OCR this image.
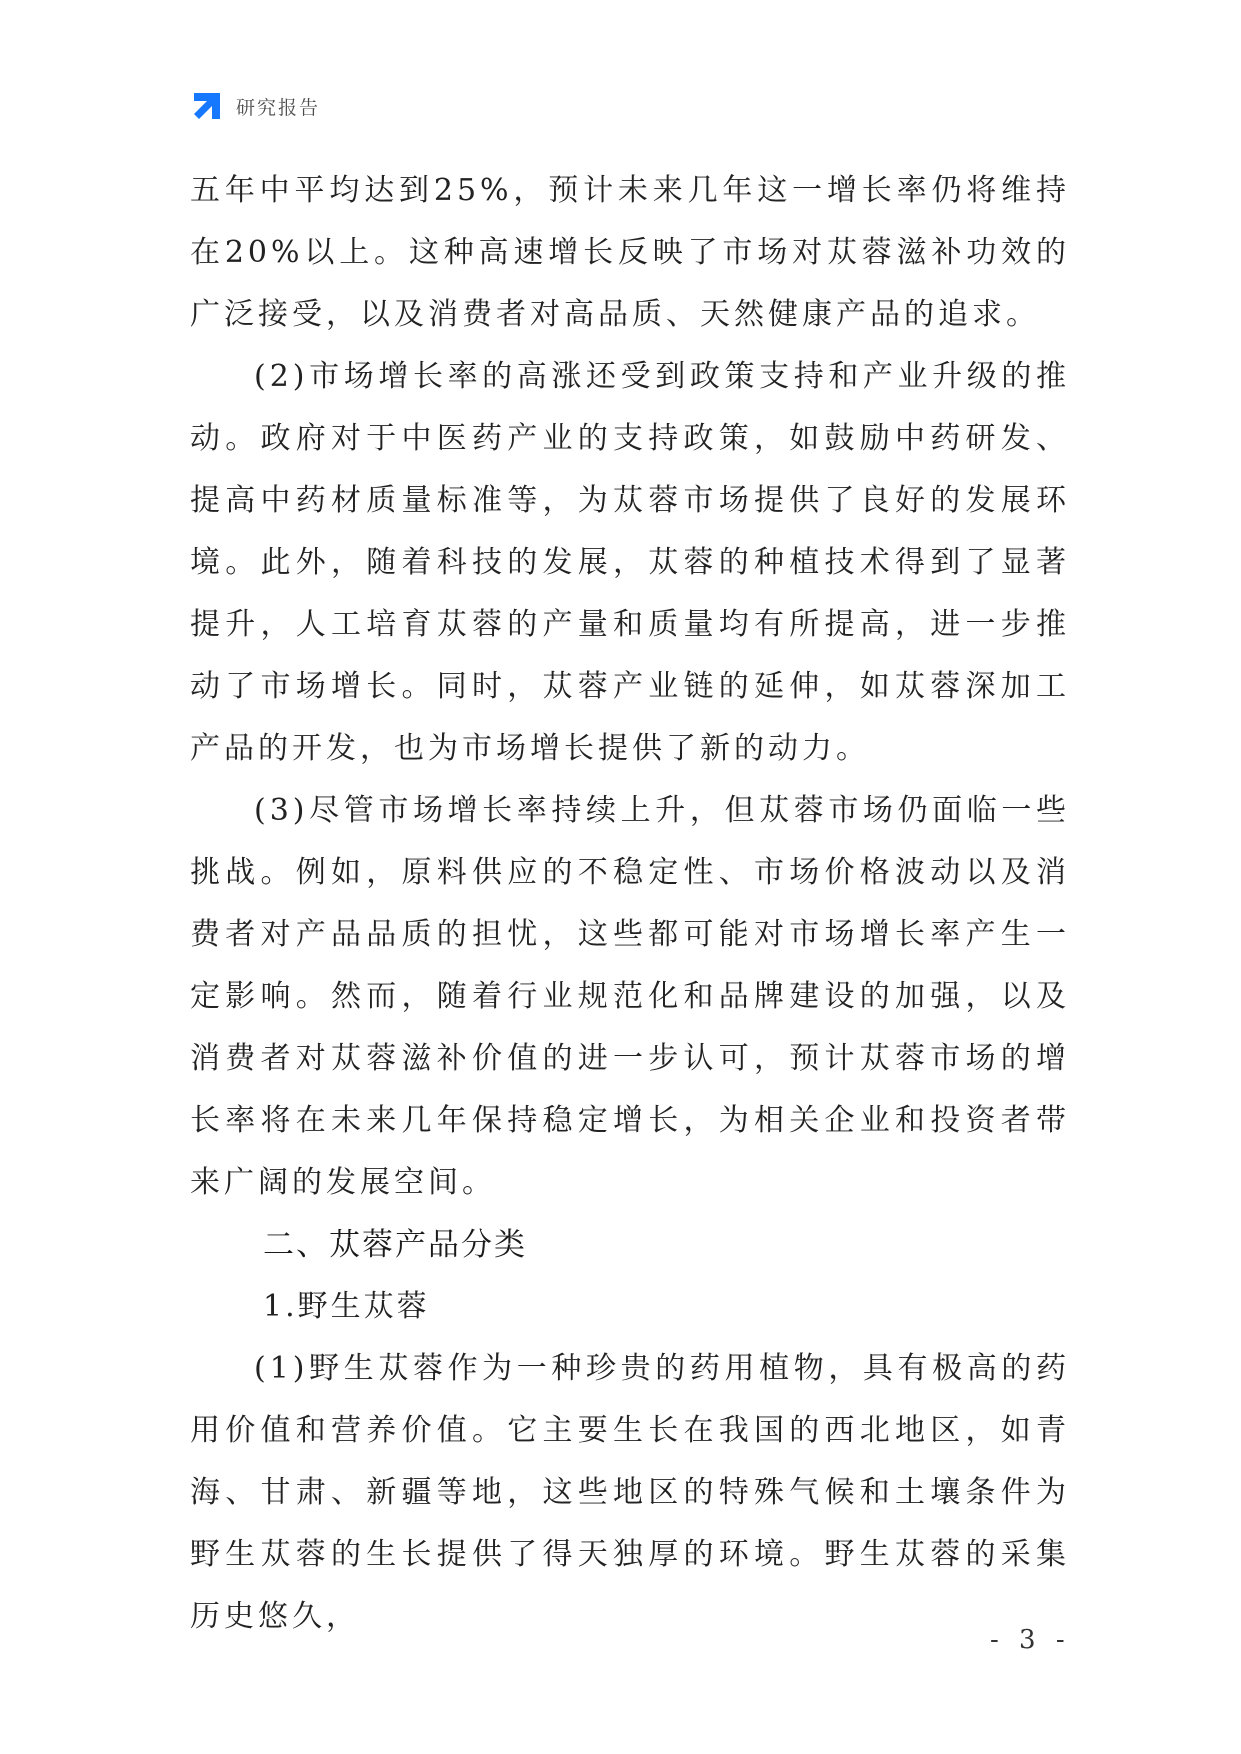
研究报告

五年中平均达到25%，预计未来几年这一增长率仍将维持在20%以上。这种高速增长反映了市场对苁蓉滋补功效的广泛接受，以及消费者对高品质、天然健康产品的追求。

(2)市场增长率的高涨还受到政策支持和产业升级的推动。政府对于中医药产业的支持政策，如鼓励中药研发、提高中药材质量标准等，为苁蓉市场提供了良好的发展环境。此外，随着科技的发展，苁蓉的种植技术得到了显著提升，人工培育苁蓉的产量和质量均有所提高，进一步推动了市场增长。同时，苁蓉产业链的延伸，如苁蓉深加工产品的开发，也为市场增长提供了新的动力。

(3)尽管市场增长率持续上升，但苁蓉市场仍面临一些挑战。例如，原料供应的不稳定性、市场价格波动以及消费者对产品品质的担忧，这些都可能对市场增长率产生一定影响。然而，随着行业规范化和品牌建设的加强，以及消费者对苁蓉滋补价值的进一步认可，预计苁蓉市场的增长率将在未来几年保持稳定增长，为相关企业和投资者带来广阔的发展空间。

二、苁蓉产品分类

1.野生苁蓉

(1)野生苁蓉作为一种珍贵的药用植物，具有极高的药用价值和营养价值。它主要生长在我国的西北地区，如青海、甘肃、新疆等地，这些地区的特殊气候和土壤条件为野生苁蓉的生长提供了得天独厚的环境。野生苁蓉的采集历史悠久，

- 3 -
